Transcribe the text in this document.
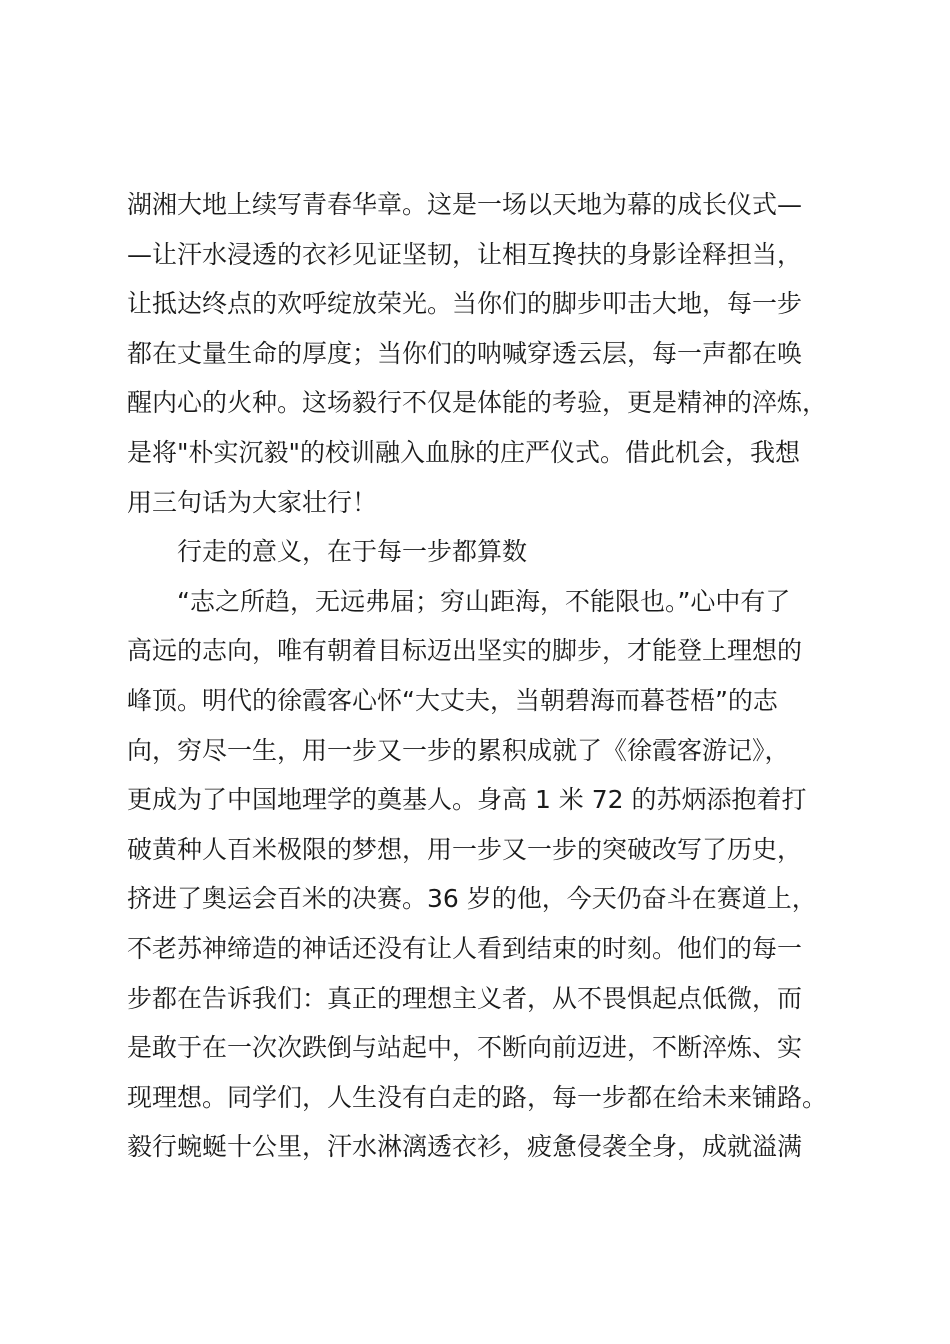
湖湘大地上续写青春华章。这是一场以天地为幕的成长仪式—
—让汗水浸透的衣衫见证坚韧，让相互搀扶的身影诠释担当，
让抵达终点的欢呼绽放荣光。当你们的脚步叩击大地，每一步
都在丈量生命的厚度；当你们的呐喊穿透云层，每一声都在唤
醒内心的火种。这场毅行不仅是体能的考验，更是精神的淬炼，
是将"朴实沉毅"的校训融入血脉的庄严仪式。借此机会，我想
用三句话为大家壮行！
行走的意义，在于每一步都算数
“志之所趋，无远弗届；穷山距海，不能限也。”心中有了
高远的志向，唯有朝着目标迈出坚实的脚步，才能登上理想的
峰顶。明代的徐霞客心怀“大丈夫，当朝碧海而暮苍梧”的志
向，穷尽一生，用一步又一步的累积成就了《徐霞客游记》，
更成为了中国地理学的奠基人。身高 1 米 72 的苏炳添抱着打
破黄种人百米极限的梦想，用一步又一步的突破改写了历史，
挤进了奥运会百米的决赛。36 岁的他，今天仍奋斗在赛道上，
不老苏神缔造的神话还没有让人看到结束的时刻。他们的每一
步都在告诉我们：真正的理想主义者，从不畏惧起点低微，而
是敢于在一次次跌倒与站起中，不断向前迈进，不断淬炼、实
现理想。同学们，人生没有白走的路，每一步都在给未来铺路。
毅行蜿蜒十公里，汗水淋漓透衣衫，疲惫侵袭全身，成就溢满
